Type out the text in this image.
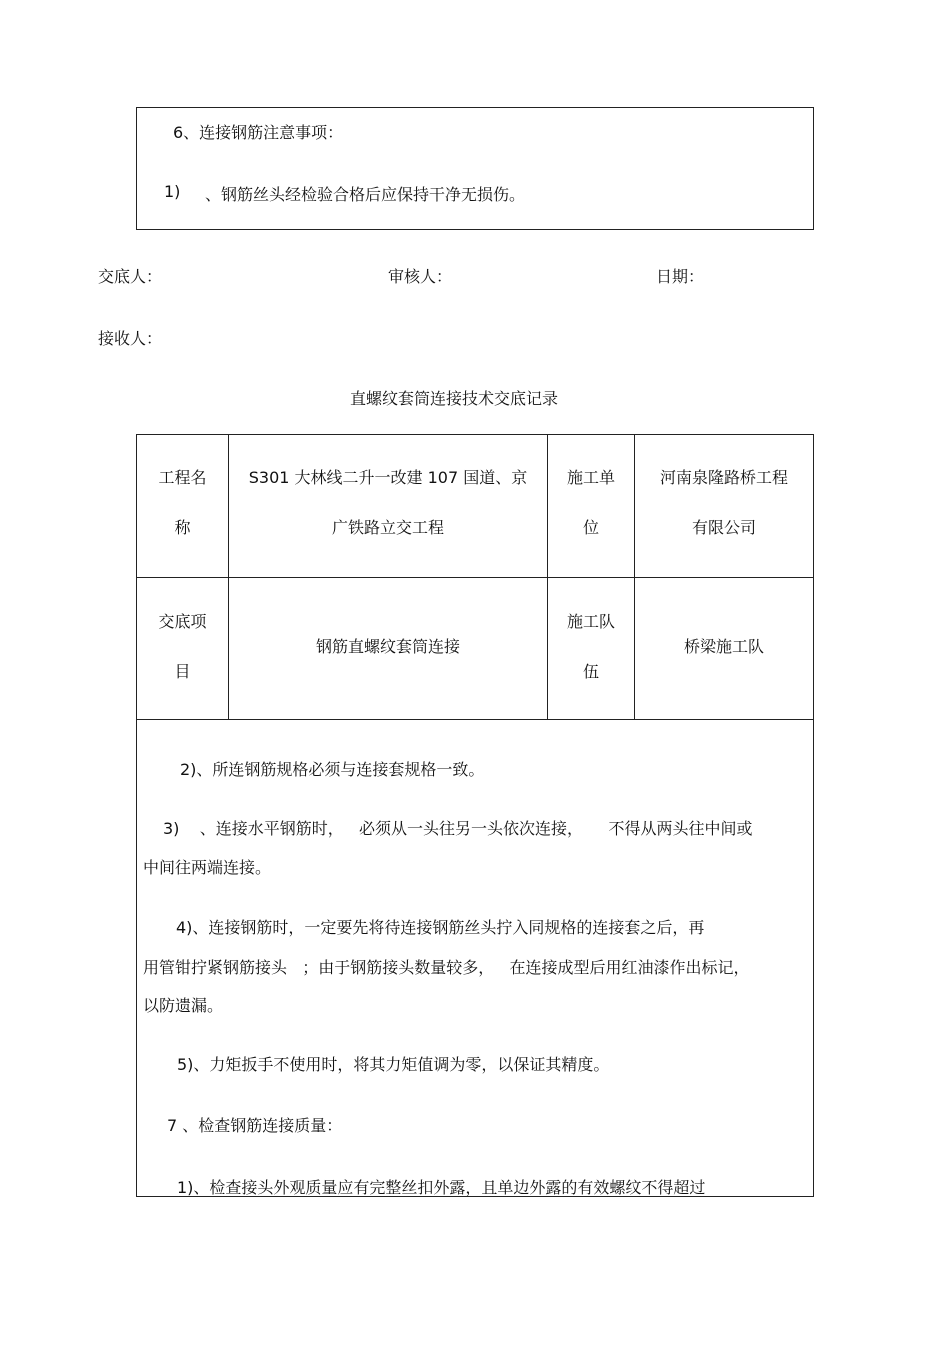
6、连接钢筋注意事项：
1) 、钢筋丝头经检验合格后应保持干净无损伤。
交底人：	审核人：	日期：
接收人：
直螺纹套筒连接技术交底记录
工程名
称
S301 大林线二升一改建 107 国道、京
广铁路立交工程
施工单
位
河南泉隆路桥工程
有限公司
交底项
目
钢筋直螺纹套筒连接
施工队
伍
桥梁施工队
2)、所连钢筋规格必须与连接套规格一致。
3)    、连接水平钢筋时，   必须从一头往另一头依次连接，     不得从两头往中间或
中间往两端连接。
4)、连接钢筋时，一定要先将待连接钢筋丝头拧入同规格的连接套之后，再
用管钳拧紧钢筋接头   ；由于钢筋接头数量较多，   在连接成型后用红油漆作出标记，
以防遗漏。
5)、力矩扳手不使用时，将其力矩值调为零，以保证其精度。
7 、检查钢筋连接质量：
1)、检查接头外观质量应有完整丝扣外露，且单边外露的有效螺纹不得超过
